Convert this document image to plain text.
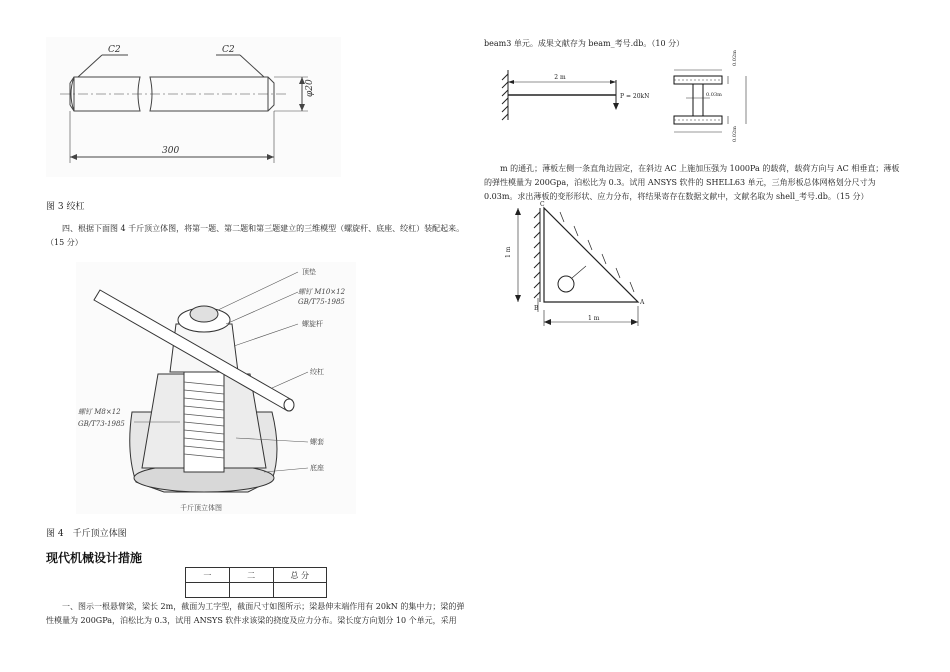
C2	C2
φ20
300
图 3 绞杠
四、根据下面图 4 千斤顶立体图，将第一题、第二题和第三题建立的三维模型（螺旋杆、底座、绞杠）装配起来。（15 分）
顶垫
螺钉 M10×12
GB/T75-1985
螺旋杆
绞杠
螺钉 M8×12
GB/T73-1985
螺套
底座
千斤顶立体图
图 4　千斤顶立体图
现代机械设计措施
一	二	总 分

一、图示一根悬臂梁，梁长 2m，截面为工字型，截面尺寸如图所示；梁悬伸末端作用有 20kN 的集中力；梁的弹性模量为 200GPa，泊松比为 0.3，试用 ANSYS 软件求该梁的挠度及应力分布。梁长度方向划分 10 个单元，采用
beam3 单元。成果文献存为 beam_考号.db。（10 分）
2 m
P = 20kN	0.03m
0.02m
0.02m
m 的通孔；薄板左侧一条直角边固定，在斜边 AC 上施加压强为 1000Pa 的载荷，载荷方向与 AC 相垂直；薄板的弹性模量为 200Gpa，泊松比为 0.3。试用 ANSYS 软件的 SHELL63 单元，三角形板总体网格划分尺寸为 0.03m。求出薄板的变形形状、应力分布，将结果寄存在数据文献中，文献名取为 shell_考号.db。（15 分）
C
B
A
1 m
1 m
